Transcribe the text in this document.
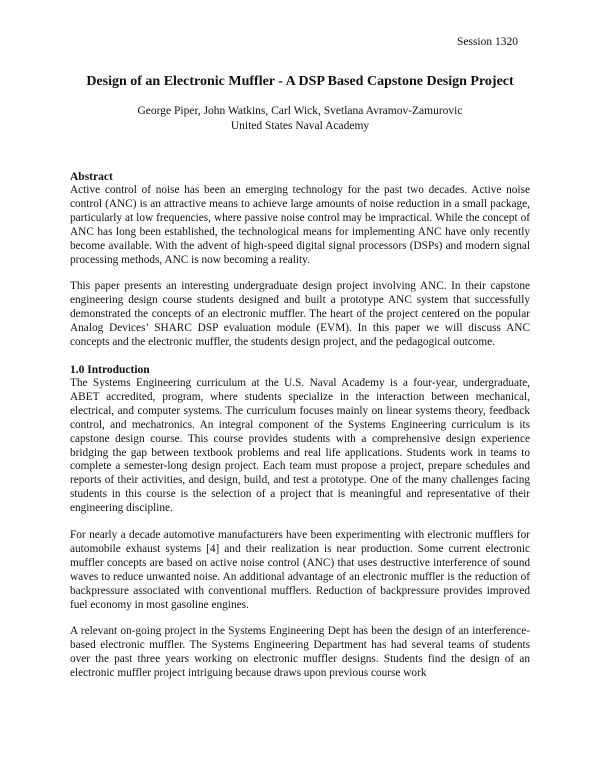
Session 1320
Design of an Electronic Muffler - A DSP Based Capstone Design Project
George Piper, John Watkins, Carl Wick, Svetlana Avramov-Zamurovic
United States Naval Academy

Abstract

Active control of noise has been an emerging technology for the past two decades. Active noise control (ANC) is an attractive means to achieve large amounts of noise reduction in a small package, particularly at low frequencies, where passive noise control may be impractical. While the concept of ANC has long been established, the technological means for implementing ANC have only recently become available. With the advent of high-speed digital signal processors (DSPs) and modern signal processing methods, ANC is now becoming a reality.

This paper presents an interesting undergraduate design project involving ANC. In their capstone engineering design course students designed and built a prototype ANC system that successfully demonstrated the concepts of an electronic muffler. The heart of the project centered on the popular Analog Devices’ SHARC DSP evaluation module (EVM). In this paper we will discuss ANC concepts and the electronic muffler, the students design project, and the pedagogical outcome.

1.0 Introduction

The Systems Engineering curriculum at the U.S. Naval Academy is a four-year, undergraduate, ABET accredited, program, where students specialize in the interaction between mechanical, electrical, and computer systems. The curriculum focuses mainly on linear systems theory, feedback control, and mechatronics. An integral component of the Systems Engineering curriculum is its capstone design course. This course provides students with a comprehensive design experience bridging the gap between textbook problems and real life applications. Students work in teams to complete a semester-long design project. Each team must propose a project, prepare schedules and reports of their activities, and design, build, and test a prototype. One of the many challenges facing students in this course is the selection of a project that is meaningful and representative of their engineering discipline.

For nearly a decade automotive manufacturers have been experimenting with electronic mufflers for automobile exhaust systems [4] and their realization is near production. Some current electronic muffler concepts are based on active noise control (ANC) that uses destructive interference of sound waves to reduce unwanted noise. An additional advantage of an electronic muffler is the reduction of backpressure associated with conventional mufflers. Reduction of backpressure provides improved fuel economy in most gasoline engines.

A relevant on-going project in the Systems Engineering Dept has been the design of an interference-based electronic muffler. The Systems Engineering Department has had several teams of students over the past three years working on electronic muffler designs. Students find the design of an electronic muffler project intriguing because draws upon previous course work
